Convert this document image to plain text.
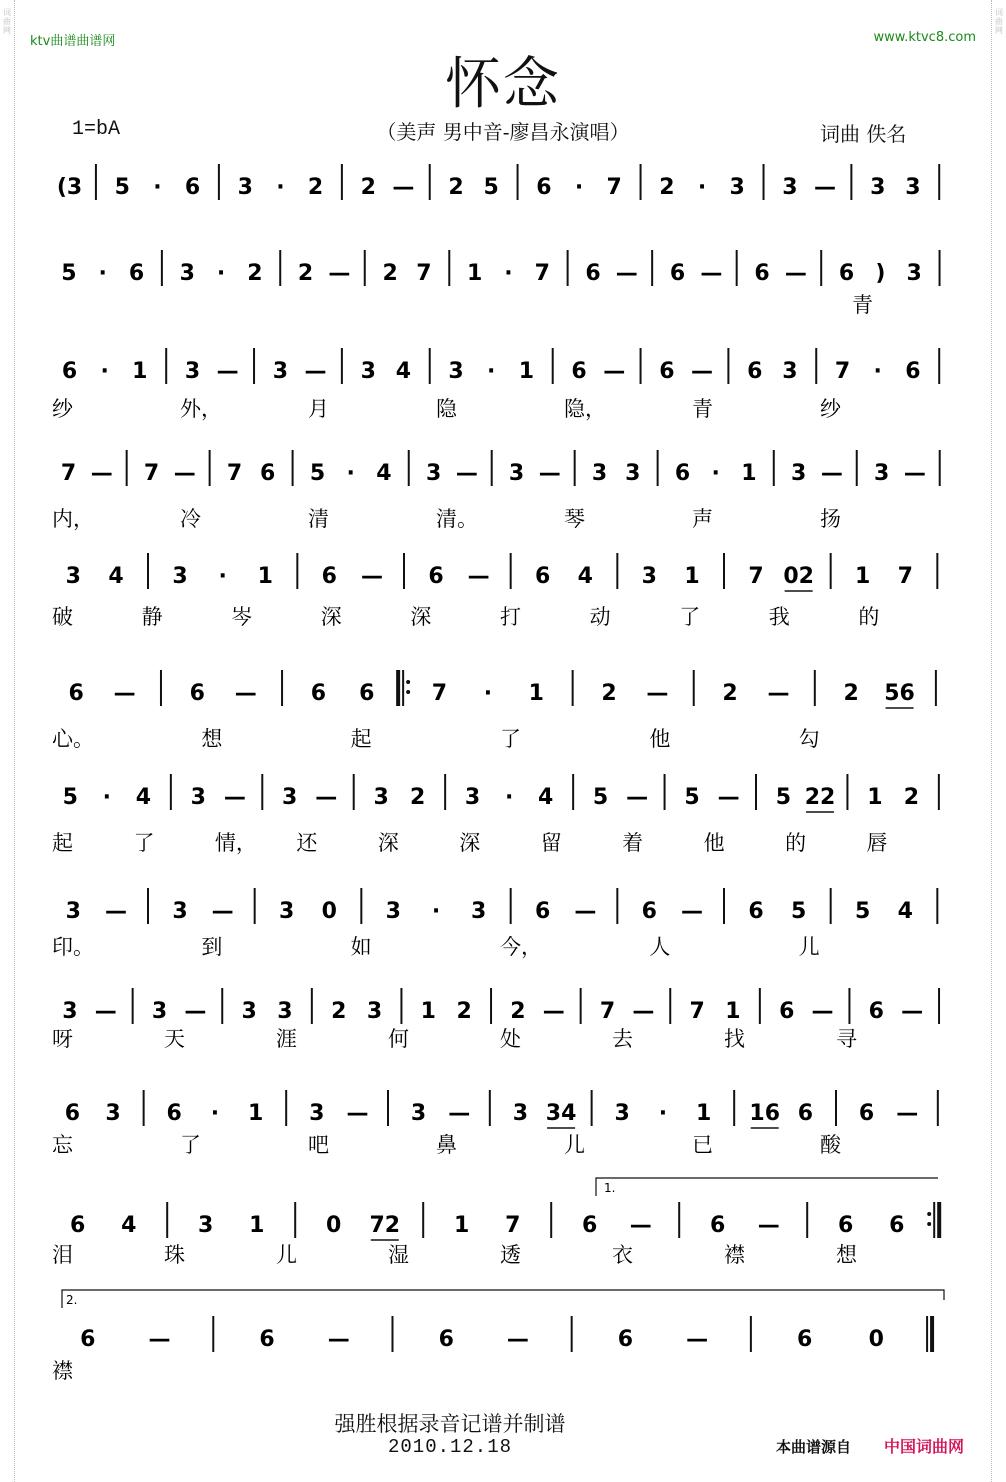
词曲网
词曲网
ktv曲谱曲谱网	www.ktvc8.com
怀念
（美声 男中音-廖昌永演唱）
1=bA	词曲 佚名
(3 5 · 6 3 · 2 2 — 2 5 6 · 7 2 · 3 3 — 3 3
5 · 6 3 · 2 2 — 2 7 1 · 7 6 — 6 — 6 — 6 ) 3
青
6 · 1 3 — 3 — 3 4 3 · 1 6 — 6 — 6 3 7 · 6
纱	外，	月	隐	隐，	青	纱
7 — 7 — 7 6 5 · 4 3 — 3 — 3 3 6 · 1 3 — 3 —
内，	冷	清	清。	琴	声	扬
3 4 3 · 1 6 — 6 — 6 4 3 1 7 02 1 7
破	静	岑	深	深	打	动	了	我	的
6 — 6 — 6 6	7 · 1	2 — 2 — 2 56
心。	想	起	了	他	勾
5 · 4 3 — 3 — 3 2 3 · 4 5 — 5 — 5 22 1 2
起	了	情， 还	深	深	留	着	他	的	唇
3 — 3 — 3 0 3 · 3 6 — 6 — 6 5 5 4
印。	到	如	今，	人	儿
3 — 3 — 3 3 2 3 1 2 2 — 7 — 7 1 6 — 6 —
呀	天	涯	何	处	去	找	寻
6 3 6 · 1 3 — 3 — 3 34 3 · 1 16 6 6 —
忘	了	吧	鼻	儿	已	酸
6 4	3 1	0 72 1 7	6 —	6 —	6 6
泪	珠	儿	湿	透	衣	襟	想
6 —	6 —	6 —	6 —	6	0
襟
1.
2.
强胜根据录音记谱并制谱
2010.12.18	本曲谱源自 中国词曲网
